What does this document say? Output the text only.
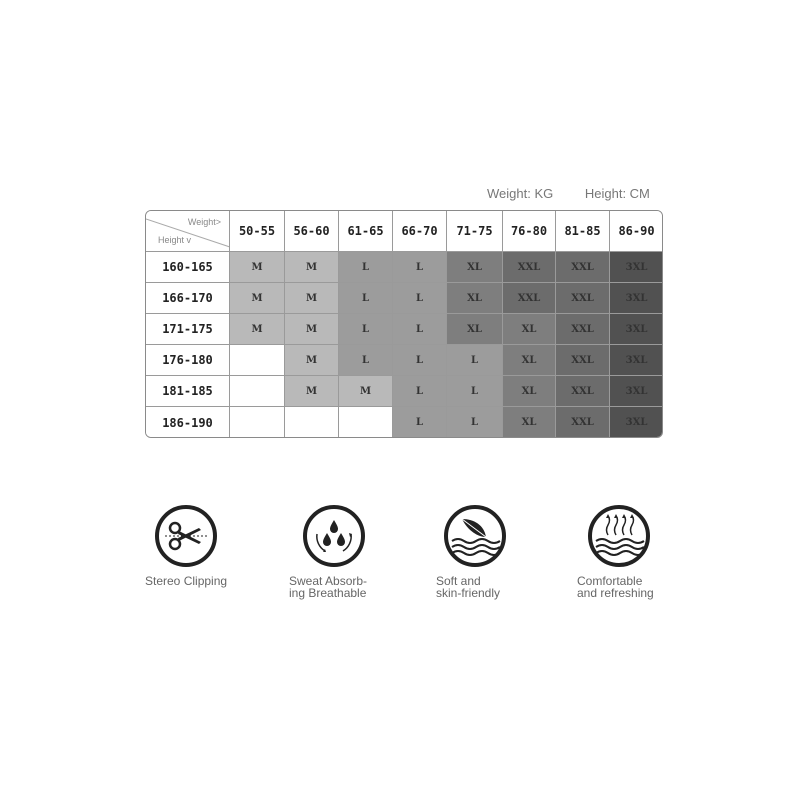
Weight: KG Height: CM
Weight>
Height v	50-55	56-60	61-65	66-70	71-75	76-80	81-85	86-90
160-165	M	M	L	L	XL	XXL	XXL	3XL
166-170	M	M	L	L	XL	XXL	XXL	3XL
171-175	M	M	L	L	XL	XL	XXL	3XL
176-180		M	L	L	L	XL	XXL	3XL
181-185		M	M	L	L	XL	XXL	3XL
186-190				L	L	XL	XXL	3XL
Stereo Clipping	Sweat Absorb-
ing Breathable
Soft and
skin-friendly
Comfortable
and refreshing
